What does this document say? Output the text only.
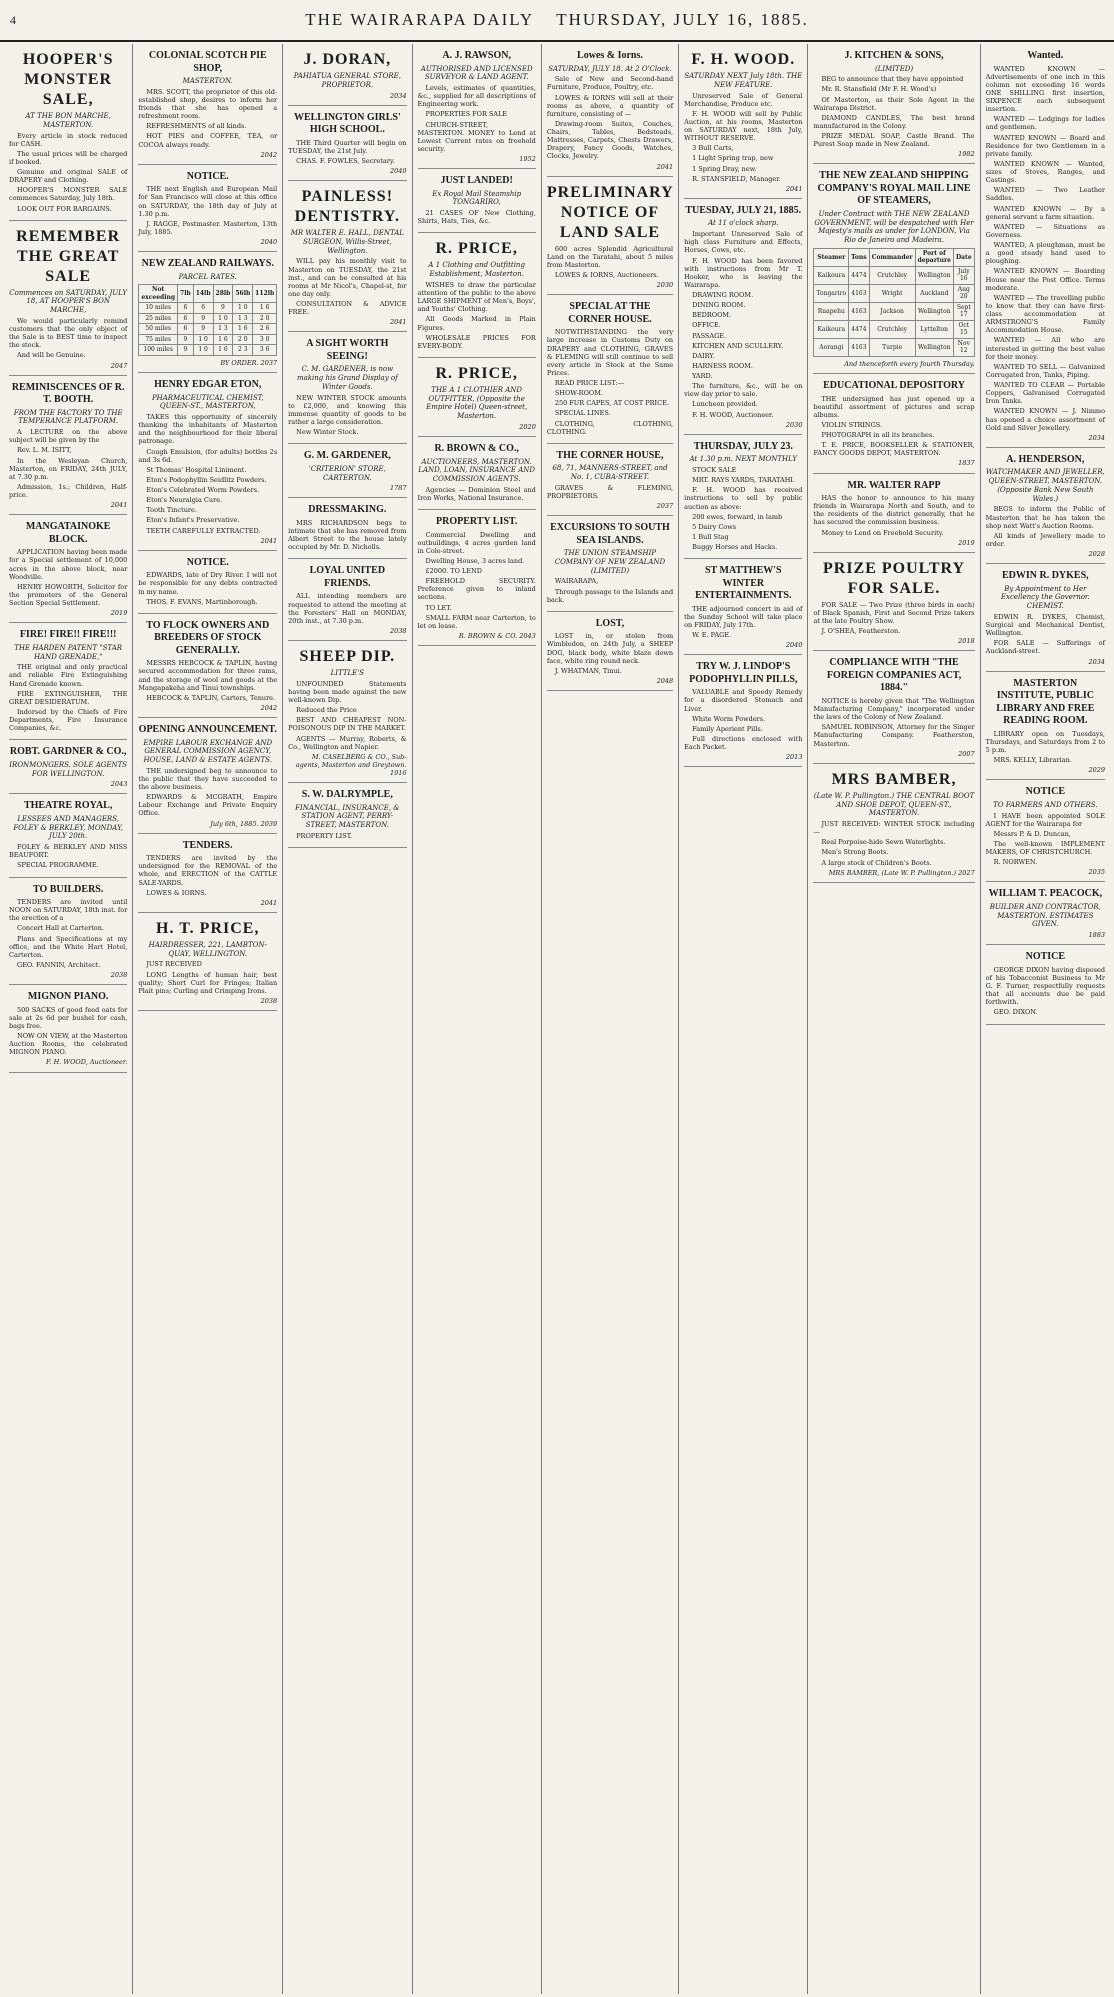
4	THE WAIRARAPA DAILY THURSDAY, JULY 16, 1885.
HOOPER'S MONSTER SALE,
AT THE BON MARCHE, MASTERTON.

Every article in stock reduced for CASH.

The usual prices will be charged if booked.

Genuine and original SALE of DRAPERY and Clothing.

HOOPER'S MONSTER SALE commences Saturday, July 18th.

LOOK OUT FOR BARGAINS.

REMEMBER THE GREAT SALE
Commences on SATURDAY, JULY 18, AT HOOPER'S BON MARCHE,

We would particularly remind customers that the only object of the Sale is to BEST time to inspect the stock.

And will be Genuine.

2047
REMINISCENCES OF R. T. BOOTH.
FROM THE FACTORY TO THE TEMPERANCE PLATFORM.

A LECTURE on the above subject will be given by the

Rev. L. M. ISITT,

In the Wesleyan Church, Masterton, on FRIDAY, 24th JULY, at 7.30 p.m.

Admission, 1s.; Children, Half-price.

2041
MANGATAINOKE BLOCK.

APPLICATION having been made for a Special settlement of 10,000 acres in the above block, near Woodville.

HENRY HOWORTH, Solicitor for the promoters of the General Section Special Settlement.

2019
FIRE! FIRE!! FIRE!!!
THE HARDEN PATENT "STAR HAND GRENADE,"

THE original and only practical and reliable Fire Extinguishing Hand Grenade known.

FIRE EXTINGUISHER, THE GREAT DESIDERATUM.

Indorsed by the Chiefs of Fire Departments, Fire Insurance Companies, &c.

ROBT. GARDNER & CO.,
IRONMONGERS. SOLE AGENTS FOR WELLINGTON.
2043
THEATRE ROYAL,
LESSEES AND MANAGERS, FOLEY & BERKLEY, MONDAY, JULY 20th.

FOLEY & BERKLEY AND MISS BEAUFORT.

SPECIAL PROGRAMME.

TO BUILDERS.

TENDERS are invited until NOON on SATURDAY, 18th inst. for the erection of a

Concert Hall at Carterton.

Plans and Specifications at my office, and the White Hart Hotel, Carterton.

GEO. FANNIN, Architect.

2038
MIGNON PIANO.

500 SACKS of good feed oats for sale at 2s 6d per bushel for cash, bags free.

NOW ON VIEW, at the Masterton Auction Rooms, the celebrated MIGNON PIANO.

F. H. WOOD, Auctioneer.
COLONIAL SCOTCH PIE SHOP,
MASTERTON.

MRS. SCOTT, the proprietor of this old-established shop, desires to inform her friends that she has opened a refreshment room.

REFRESHMENTS of all kinds.

HOT PIES and COFFEE, TEA, or COCOA always ready.

2042
NOTICE.

THE next English and European Mail for San Francisco will close at this office on SATURDAY, the 18th day of July at 1.30 p.m.

J. RAGGE, Postmaster. Masterton, 13th July, 1885.

2040
NEW ZEALAND RAILWAYS.
PARCEL RATES.
Not exceeding	7lb	14lb	28lb	56lb	112lb
10 miles	6	6	9	1 0	1 6
25 miles	6	9	1 0	1 3	2 0
50 miles	6	9	1 3	1 6	2 6
75 miles	9	1 0	1 6	2 0	3 0
100 miles	9	1 0	1 6	2 3	3 6
BY ORDER. 2037
HENRY EDGAR ETON,
PHARMACEUTICAL CHEMIST, QUEEN-ST., MASTERTON,

TAKES this opportunity of sincerely thanking the inhabitants of Masterton and the neighbourhood for their liberal patronage.

Cough Emulsion, (for adults) bottles 2s and 3s 6d.

St Thomas' Hospital Liniment.

Eton's Podophyllin Seidlitz Powders.

Eton's Celebrated Worm Powders.

Eton's Neuralgia Cure.

Tooth Tincture.

Eton's Infant's Preservative.

TEETH CAREFULLY EXTRACTED.

2041
NOTICE.

EDWARDS, late of Dry River. I will not be responsible for any debts contracted in my name.

THOS. F. EVANS, Martinborough.

TO FLOCK OWNERS AND BREEDERS OF STOCK GENERALLY.

MESSRS HEBCOCK & TAPLIN, having secured accommodation for three rams, and the storage of wool and goods at the Mangapakeha and Tinui townships.

HEBCOCK & TAPLIN, Carters, Tenure.

2042
OPENING ANNOUNCEMENT.
EMPIRE LABOUR EXCHANGE AND GENERAL COMMISSION AGENCY, HOUSE, LAND & ESTATE AGENTS.

THE undersigned beg to announce to the public that they have succeeded to the above business.

EDWARDS & MCGRATH, Empire Labour Exchange and Private Enquiry Office.

July 6th, 1885. 2039
TENDERS.

TENDERS are invited by the undersigned for the REMOVAL of the whole, and ERECTION of the CATTLE SALE-YARDS.

LOWES & IORNS.

2041
H. T. PRICE,
HAIRDRESSER, 221, LAMBTON-QUAY, WELLINGTON.

JUST RECEIVED

LONG Lengths of human hair, best quality; Short Curl for Fringes; Italian Plait pins; Curling and Crimping Irons.

2038
J. DORAN,
PAHIATUA GENERAL STORE, PROPRIETOR.
2034
WELLINGTON GIRLS' HIGH SCHOOL.

THE Third Quarter will begin on TUESDAY, the 21st July.

CHAS. F. FOWLES, Secretary.

2040
PAINLESS! DENTISTRY.
MR WALTER E. HALL, DENTAL SURGEON, Willis-Street, Wellington.

WILL pay his monthly visit to Masterton on TUESDAY, the 21st inst., and can be consulted at his rooms at Mr Nicol's, Chapel-st, for one day only.

CONSULTATION & ADVICE FREE.

2041
A SIGHT WORTH SEEING!
C. M. GARDENER, is now making his Grand Display of Winter Goods.

NEW WINTER STOCK amounts to £2,000, and knowing this immense quantity of goods to be rather a large consideration.

New Winter Stock.

G. M. GARDENER,
'CRITERION' STORE, CARTERTON.
1787
DRESSMAKING.

MRS RICHARDSON begs to intimate that she has removed from Albert Street to the house lately occupied by Mr. D. Nicholls.

LOYAL UNITED FRIENDS.

ALL intending members are requested to attend the meeting at the Foresters' Hall on MONDAY, 20th inst., at 7.30 p.m.

2038
SHEEP DIP.
LITTLE'S

UNFOUNDED Statements having been made against the new well-known Dip.

Reduced the Price

BEST AND CHEAPEST NON-POISONOUS DIP IN THE MARKET.

AGENTS — Murray, Roberts, & Co., Wellington and Napier.

M. CASELBERG & CO., Sub-agents, Masterton and Greytown. 1916
S. W. DALRYMPLE,
FINANCIAL, INSURANCE, & STATION AGENT, PERRY-STREET, MASTERTON.

PROPERTY LIST.

A. J. RAWSON,
AUTHORISED AND LICENSED SURVEYOR & LAND AGENT.

Levels, estimates of quantities, &c., supplied for all descriptions of Engineering work.

PROPERTIES FOR SALE

CHURCH-STREET, MASTERTON. MONEY to Lend at Lowest Current rates on freehold security.

1952
JUST LANDED!
Ex Royal Mail Steamship TONGARIRO,

21 CASES OF New Clothing, Shirts, Hats, Ties, &c.

R. PRICE,
A 1 Clothing and Outfitting Establishment, Masterton.

WISHES to draw the particular attention of the public to the above LARGE SHIPMENT of Men's, Boys', and Youths' Clothing.

All Goods Marked in Plain Figures.

WHOLESALE PRICES FOR EVERY-BODY.

R. PRICE,
THE A 1 CLOTHIER AND OUTFITTER, (Opposite the Empire Hotel) Queen-street, Masterton.
2020
R. BROWN & CO.,
AUCTIONEERS, MASTERTON. LAND, LOAN, INSURANCE AND COMMISSION AGENTS.

Agencies — Dominion Steel and Iron Works, National Insurance.

PROPERTY LIST.

Commercial Dwelling and outbuildings, 4 acres garden land in Cole-street.

Dwelling House, 3 acres land.

£2000. TO LEND

FREEHOLD SECURITY. Preference given to inland sections.

TO LET.

SMALL FARM near Carterton, to let on lease.

R. BROWN & CO. 2043
Lowes & Iorns.
SATURDAY, JULY 18. At 2 O'Clock.

Sale of New and Second-hand Furniture, Produce, Poultry, etc.

LOWES & IORNS will sell at their rooms as above, a quantity of furniture, consisting of —

Drawing-room Suites, Couches, Chairs, Tables, Bedsteads, Mattresses, Carpets, Chests Drawers, Drapery, Fancy Goods, Watches, Clocks, Jewelry.

2041
PRELIMINARY NOTICE OF LAND SALE

600 acres Splendid Agricultural Land on the Taratahi, about 5 miles from Masterton.

LOWES & IORNS, Auctioneers.

2030
SPECIAL AT THE CORNER HOUSE.

NOTWITHSTANDING the very large increase in Customs Duty on DRAPERY and CLOTHING, GRAVES & FLEMING will still continue to sell every article in Stock at the Same Prices.

READ PRICE LIST:—

SHOW-ROOM.

250 FUR CAPES, AT COST PRICE.

SPECIAL LINES.

CLOTHING, CLOTHING, CLOTHING.

THE CORNER HOUSE,
68, 71, MANNERS-STREET, and No. 1, CUBA-STREET.

GRAVES & FLEMING, PROPRIETORS.

2037
EXCURSIONS TO SOUTH SEA ISLANDS.
THE UNION STEAMSHIP COMPANY OF NEW ZEALAND (LIMITED)

WAIRARAPA,

Through passage to the Islands and back.

LOST,

LOST in, or stolen from Wimbledon, on 24th July, a SHEEP DOG, black body, white blaze down face, white ring round neck.

J. WHATMAN, Tinui.

2048
F. H. WOOD.
SATURDAY NEXT July 18th. THE NEW FEATURE.

Unreserved Sale of General Merchandise, Produce etc.

F. H. WOOD will sell by Public Auction, at his rooms, Masterton on SATURDAY next, 18th July, WITHOUT RESERVE.

3 Bull Carts,

1 Light Spring trap, new

1 Spring Dray, new.

R. STANSFIELD, Manager.

2041
TUESDAY, JULY 21, 1885.
At 11 o'clock sharp.

Important Unreserved Sale of high class Furniture and Effects, Horses, Cows, etc.

F. H. WOOD has been favored with instructions from Mr T. Hooker, who is leaving the Wairarapa.

DRAWING ROOM.

DINING ROOM.

BEDROOM.

OFFICE.

PASSAGE.

KITCHEN AND SCULLERY.

DAIRY.

HARNESS ROOM.

YARD.

The furniture, &c., will be on view day prior to sale.

Luncheon provided.

F. H. WOOD, Auctioneer.

2030
THURSDAY, JULY 23.
At 1.30 p.m. NEXT MONTHLY

STOCK SALE

MRT. RAYS YARDS, TARATAHI.

F. H. WOOD has received instructions to sell by public auction as above:

200 ewes, forward, in lamb

5 Dairy Cows

1 Bull Stag

Buggy Horses and Hacks.

ST MATTHEW'S WINTER ENTERTAINMENTS.

THE adjourned concert in aid of the Sunday School will take place on FRIDAY, July 17th.

W. E. PAGE.

2040
TRY W. J. LINDOP'S PODOPHYLLIN PILLS,

VALUABLE and Speedy Remedy for a disordered Stomach and Liver.

White Worm Powders.

Family Aperient Pills.

Full directions enclosed with Each Packet.

2013
J. KITCHEN & SONS,
(LIMITED)

BEG to announce that they have appointed

Mr. R. Stansfield (Mr F. H. Wood's)

Of Masterton, as their Sole Agent in the Wairarapa District.

DIAMOND CANDLES, The best brand manufactured in the Colony.

PRIZE MEDAL SOAP, Castle Brand. The Purest Soap made in New Zealand.

1982
THE NEW ZEALAND SHIPPING COMPANY'S ROYAL MAIL LINE OF STEAMERS,
Under Contract with THE NEW ZEALAND GOVERNMENT, will be despatched with Her Majesty's mails as under for LONDON, Via Rio de Janeiro and Madeira.
Steamer	Tons	Commander	Port of departure	Date
Kaikoura	4474	Crutchley	Wellington	July 16
Tongariro	4163	Wright	Auckland	Aug 20
Ruapehu	4163	Jackson	Wellington	Sept 17
Kaikoura	4474	Crutchley	Lyttelton	Oct 15
Aorangi	4163	Turpie	Wellington	Nov 12
And thenceforth every fourth Thursday.
EDUCATIONAL DEPOSITORY

THE undersigned has just opened up a beautiful assortment of pictures and scrap albums.

VIOLIN STRINGS.

PHOTOGRAPH in all its branches.

T. E. PRICE, BOOKSELLER & STATIONER, FANCY GOODS DEPOT, MASTERTON.

1837
MR. WALTER RAPP

HAS the honor to announce to his many friends in Wairarapa North and South, and to the residents of the district generally, that he has secured the commission business.

Money to Lend on Freehold Security.

2019
PRIZE POULTRY FOR SALE.

FOR SALE — Two Prize (three birds in each) of Black Spanish, First and Second Prize takers at the late Poultry Show.

J. O'SHEA, Featherston.

2018
COMPLIANCE WITH "THE FOREIGN COMPANIES ACT, 1884."

NOTICE is hereby given that "The Wellington Manufacturing Company," incorporated under the laws of the Colony of New Zealand.

SAMUEL ROBINSON, Attorney for the Singer Manufacturing Company. Featherston, Masterton.

2007
MRS BAMBER,
(Late W. P. Pullington.) THE CENTRAL BOOT AND SHOE DEPOT, QUEEN-ST., MASTERTON.

JUST RECEIVED: WINTER STOCK including —

Real Porpoise-hide Sewn Waterlights.

Men's Strong Boots.

A large stock of Children's Boots.

MRS BAMBER, (Late W. P. Pullington.) 2027
Wanted.

WANTED KNOWN — Advertisements of one inch in this column not exceeding 16 words ONE SHILLING first insertion, SIXPENCE each subsequent insertion.

WANTED — Lodgings for ladies and gentlemen.

WANTED KNOWN — Board and Residence for two Gentlemen in a private family.

WANTED KNOWN — Wanted, sizes of Stoves, Ranges, and Castings.

WANTED — Two Leather Saddles.

WANTED KNOWN — By a general servant a farm situation.

WANTED — Situations as Governess.

WANTED, A ploughman, must be a good steady hand used to ploughing.

WANTED KNOWN — Boarding House near the Post Office. Terms moderate.

WANTED — The travelling public to know that they can have first-class accommodation at ARMSTRONG'S Family Accommodation House.

WANTED — All who are interested in getting the best value for their money.

WANTED TO SELL — Galvanized Corrugated Iron, Tanks, Piping.

WANTED TO CLEAR — Portable Coppers, Galvanised Corrugated Iron Tanks.

WANTED KNOWN — J. Nimmo has opened a choice assortment of Gold and Silver Jewellery.

2034
A. HENDERSON,
WATCHMAKER AND JEWELLER, QUEEN-STREET, MASTERTON. (Opposite Bank New South Wales.)

BEGS to inform the Public of Masterton that he has taken the shop next Watt's Auction Rooms.

All kinds of Jewellery made to order.

2028
EDWIN R. DYKES,
By Appointment to Her Excellency the Governor. CHEMIST.

EDWIN R. DYKES, Chemist, Surgical and Mechanical Dentist, Wellington.

FOR SALE — Sufferings of Auckland-street.

2034
MASTERTON INSTITUTE, PUBLIC LIBRARY AND FREE READING ROOM.

LIBRARY open on Tuesdays, Thursdays, and Saturdays from 2 to 5 p.m.

MRS. KELLY, Librarian.

2029
NOTICE
TO FARMERS AND OTHERS.

I HAVE been appointed SOLE AGENT for the Wairarapa for

Messrs P. & D. Duncan,

The well-known IMPLEMENT MAKERS, OF CHRISTCHURCH.

R. NORWEN.

2035
WILLIAM T. PEACOCK,
BUILDER AND CONTRACTOR, MASTERTON. ESTIMATES GIVEN.
1883
NOTICE

GEORGE DIXON having disposed of his Tobacconist Business to Mr G. F. Turner, respectfully requests that all accounts due be paid forthwith.

GEO. DIXON.
